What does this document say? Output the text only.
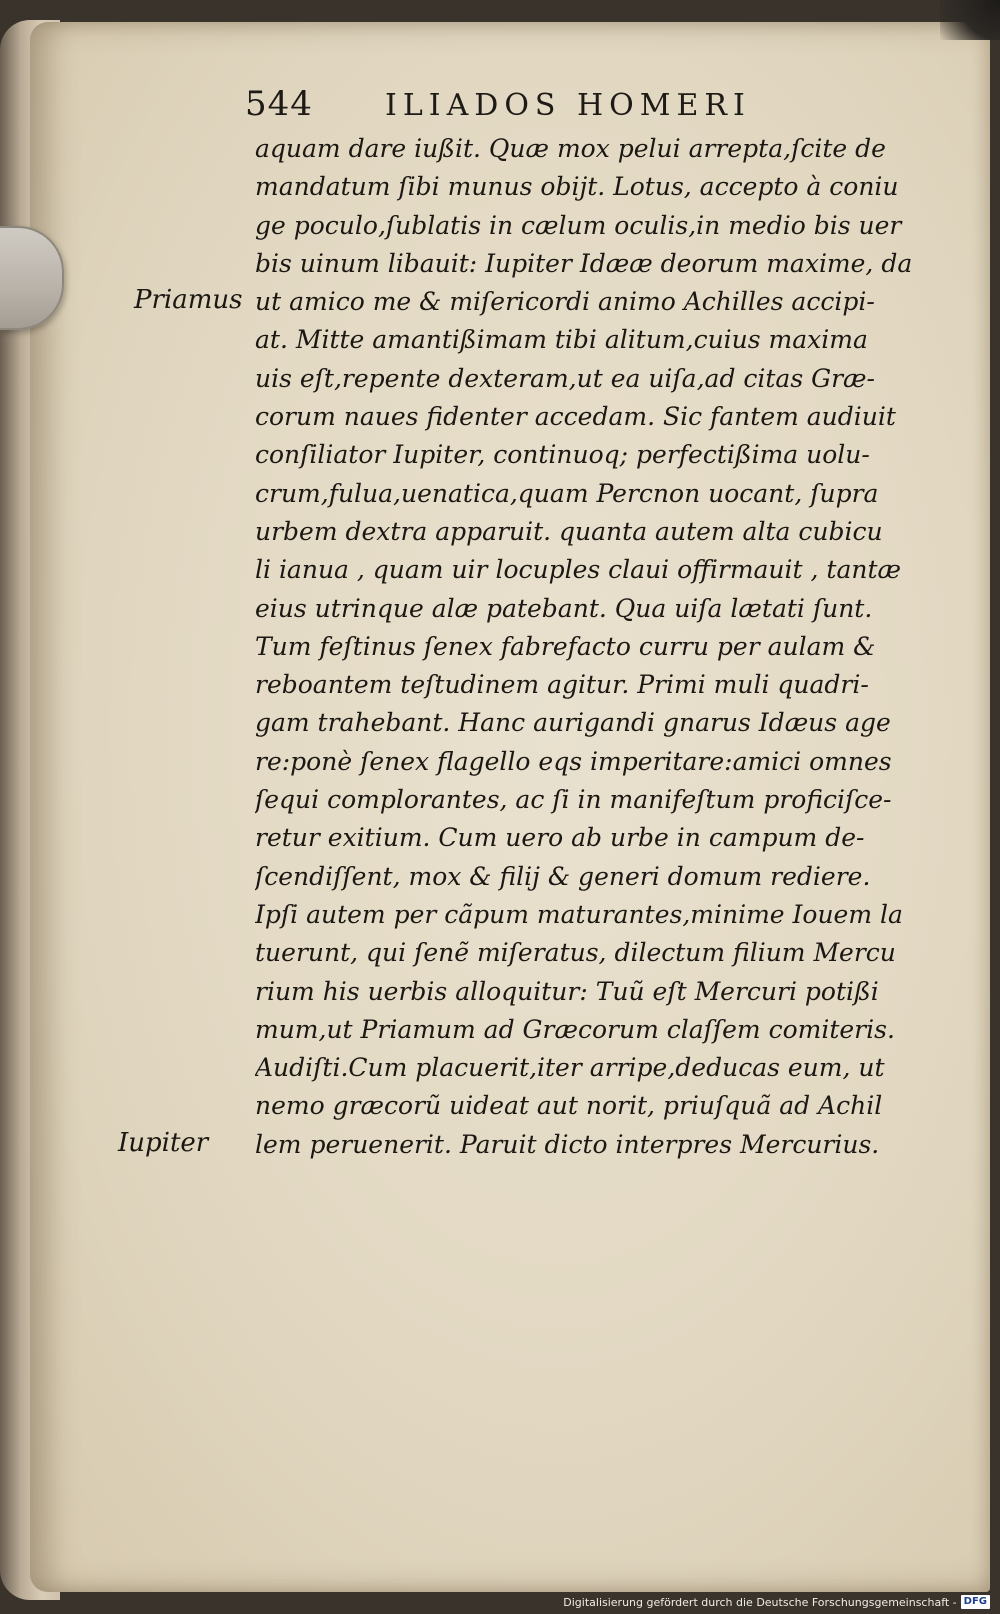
544	ILIADOS HOMERI
aquam dare iußit. Quæ mox pelui arrepta,ſcite de
mandatum ſibi munus obijt. Lotus, accepto à coniu
ge poculo,ſublatis in cælum oculis,in medio bis uer
bis uinum libauit: Iupiter Idææ deorum maxime, da
ut amico me & miſericordi animo Achilles accipi-
at. Mitte amantißimam tibi alitum,cuius maxima
uis eſt,repente dexteram,ut ea uiſa,ad citas Græ-
corum naues fidenter accedam. Sic fantem audiuit
conſiliator Iupiter, continuoq; perfectißima uolu-
crum,fulua,uenatica,quam Percnon uocant, ſupra
urbem dextra apparuit. quanta autem alta cubicu
li ianua , quam uir locuples claui offirmauit , tantæ
eius utrinque alæ patebant. Qua uiſa lætati ſunt.
Tum feſtinus ſenex fabrefacto curru per aulam &
reboantem teſtudinem agitur. Primi muli quadri-
gam trahebant. Hanc aurigandi gnarus Idæus age
re:ponè ſenex flagello eqs imperitare:amici omnes
ſequi complorantes, ac ſi in manifeſtum proficiſce-
retur exitium. Cum uero ab urbe in campum de-
ſcendiſſent, mox & filij & generi domum rediere.
Ipſi autem per cãpum maturantes,minime Iouem la
tuerunt, qui ſenẽ miſeratus, dilectum filium Mercu
rium his uerbis alloquitur: Tuũ eſt Mercuri potißi
mum,ut Priamum ad Græcorum claſſem comiteris.
Audiſti.Cum placuerit,iter arripe,deducas eum, ut
nemo græcorũ uideat aut norit, priuſquã ad Achil
lem peruenerit. Paruit dicto interpres Mercurius.
Priamus
Iupiter
Digitalisierung gefördert durch die Deutsche Forschungsgemeinschaft - DFG
